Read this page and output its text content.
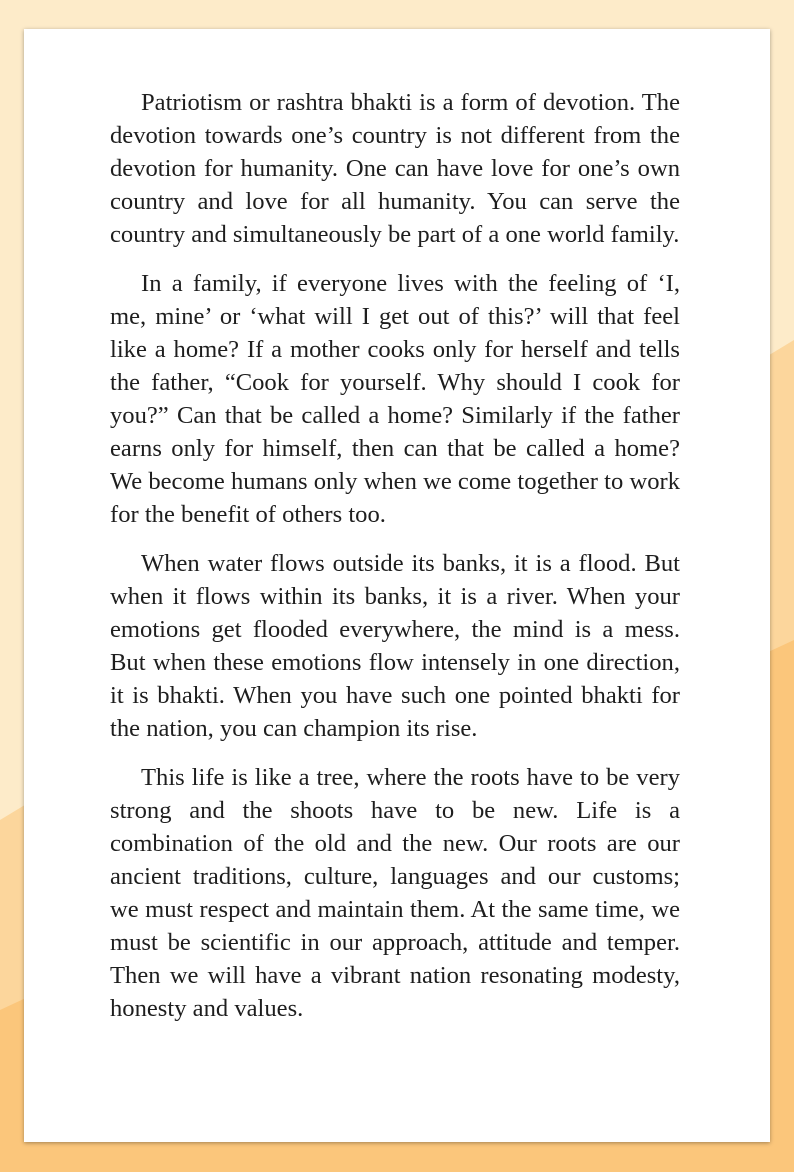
Patriotism or rashtra bhakti is a form of devotion. The devotion towards one’s country is not different from the devotion for humanity. One can have love for one’s own country and love for all humanity. You can serve the country and simultaneously be part of a one world family.

In a family, if everyone lives with the feeling of ‘I, me, mine’ or ‘what will I get out of this?’ will that feel like a home? If a mother cooks only for herself and tells the father, “Cook for yourself. Why should I cook for you?” Can that be called a home? Similarly if the father earns only for himself, then can that be called a home? We become humans only when we come together to work for the benefit of others too.

When water flows outside its banks, it is a flood. But when it flows within its banks, it is a river. When your emotions get flooded everywhere, the mind is a mess. But when these emotions flow intensely in one direction, it is bhakti. When you have such one pointed bhakti for the nation, you can champion its rise.

This life is like a tree, where the roots have to be very strong and the shoots have to be new. Life is a combination of the old and the new. Our roots are our ancient traditions, culture, languages and our customs; we must respect and maintain them. At the same time, we must be scientific in our approach, attitude and temper. Then we will have a vibrant nation resonating modesty, honesty and values.
